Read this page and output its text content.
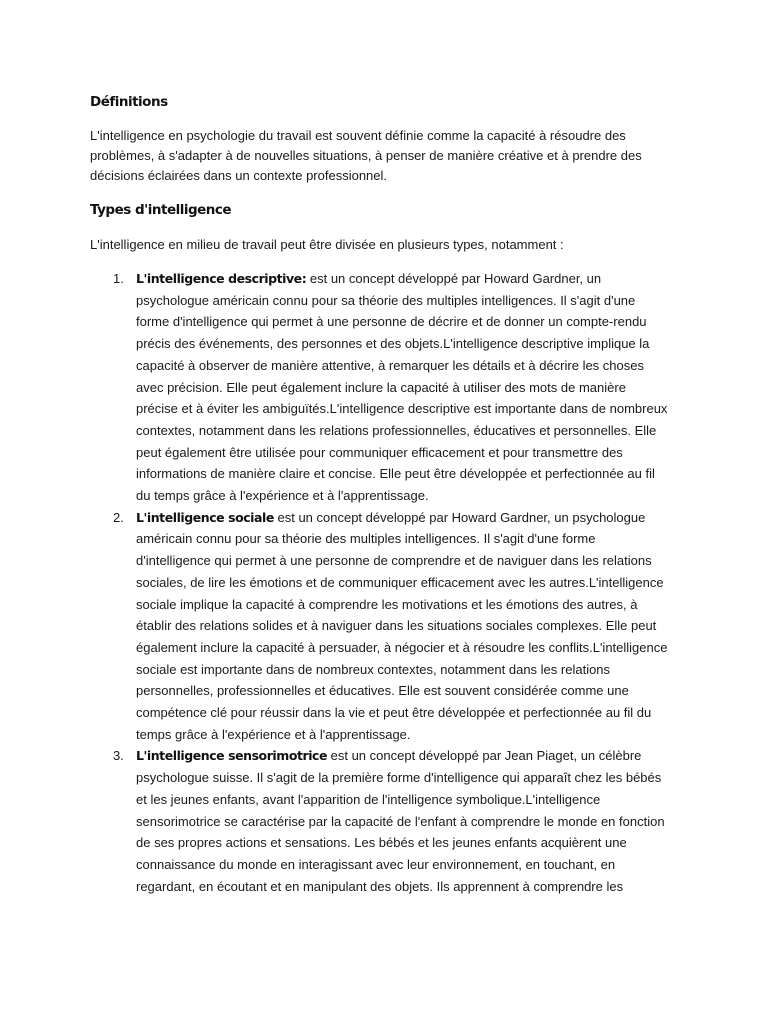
Définitions

L'intelligence en psychologie du travail est souvent définie comme la capacité à résoudre des problèmes, à s'adapter à de nouvelles situations, à penser de manière créative et à prendre des décisions éclairées dans un contexte professionnel.

Types d'intelligence

L'intelligence en milieu de travail peut être divisée en plusieurs types, notamment :

1. L'intelligence descriptive: est un concept développé par Howard Gardner, un psychologue américain connu pour sa théorie des multiples intelligences. Il s'agit d'une forme d'intelligence qui permet à une personne de décrire et de donner un compte-rendu précis des événements, des personnes et des objets.L'intelligence descriptive implique la capacité à observer de manière attentive, à remarquer les détails et à décrire les choses avec précision. Elle peut également inclure la capacité à utiliser des mots de manière précise et à éviter les ambiguïtés.L'intelligence descriptive est importante dans de nombreux contextes, notamment dans les relations professionnelles, éducatives et personnelles. Elle peut également être utilisée pour communiquer efficacement et pour transmettre des informations de manière claire et concise. Elle peut être développée et perfectionnée au fil du temps grâce à l'expérience et à l'apprentissage.
2. L'intelligence sociale est un concept développé par Howard Gardner, un psychologue américain connu pour sa théorie des multiples intelligences. Il s'agit d'une forme d'intelligence qui permet à une personne de comprendre et de naviguer dans les relations sociales, de lire les émotions et de communiquer efficacement avec les autres.L'intelligence sociale implique la capacité à comprendre les motivations et les émotions des autres, à établir des relations solides et à naviguer dans les situations sociales complexes. Elle peut également inclure la capacité à persuader, à négocier et à résoudre les conflits.L'intelligence sociale est importante dans de nombreux contextes, notamment dans les relations personnelles, professionnelles et éducatives. Elle est souvent considérée comme une compétence clé pour réussir dans la vie et peut être développée et perfectionnée au fil du temps grâce à l'expérience et à l'apprentissage.
3. L'intelligence sensorimotrice est un concept développé par Jean Piaget, un célèbre psychologue suisse. Il s'agit de la première forme d'intelligence qui apparaît chez les bébés et les jeunes enfants, avant l'apparition de l'intelligence symbolique.L'intelligence sensorimotrice se caractérise par la capacité de l'enfant à comprendre le monde en fonction de ses propres actions et sensations. Les bébés et les jeunes enfants acquièrent une connaissance du monde en interagissant avec leur environnement, en touchant, en regardant, en écoutant et en manipulant des objets. Ils apprennent à comprendre les
